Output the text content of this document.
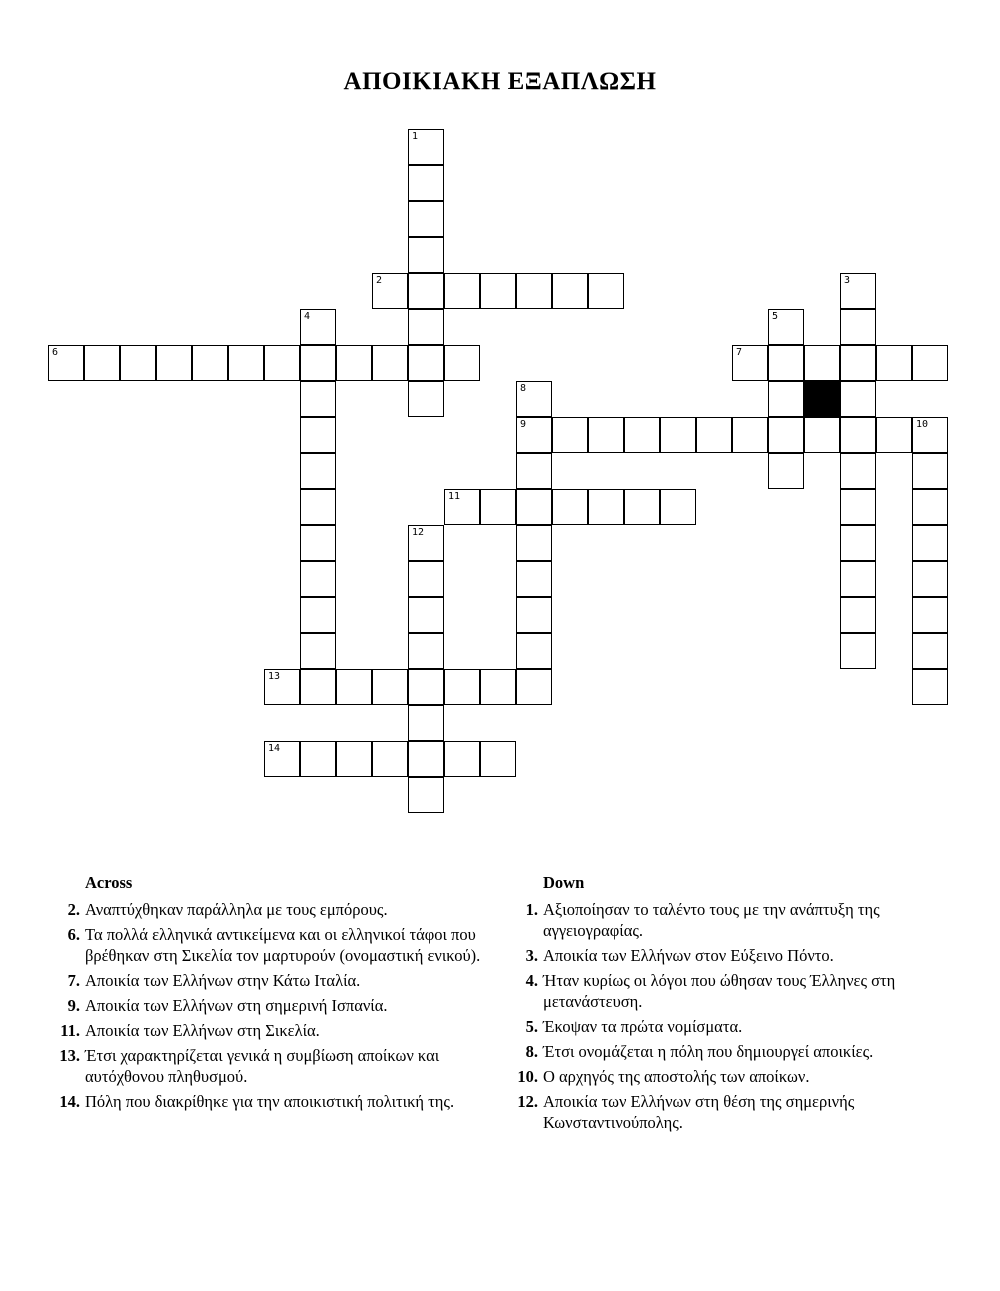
ΑΠΟΙΚΙΑΚΗ ΕΞΑΠΛΩΣΗ
1
2	3
4	5
6	7
8
9	10
11
12
13
14
Across
2. Αναπτύχθηκαν παράλληλα με τους εμπόρους.
6. Τα πολλά ελληνικά αντικείμενα και οι ελληνικοί τάφοι που βρέθηκαν στη Σικελία τον μαρτυρούν (ονομαστική ενικού).
7. Αποικία των Ελλήνων στην Κάτω Ιταλία.
9. Αποικία των Ελλήνων στη σημερινή Ισπανία.
11. Αποικία των Ελλήνων στη Σικελία.
13. Έτσι χαρακτηρίζεται γενικά η συμβίωση αποίκων και αυτόχθονου πληθυσμού.
14. Πόλη που διακρίθηκε για την αποικιστική πολιτική της.
Down
1. Αξιοποίησαν το ταλέντο τους με την ανάπτυξη της αγγειογραφίας.
3. Αποικία των Ελλήνων στον Εύξεινο Πόντο.
4. Ήταν κυρίως οι λόγοι που ώθησαν τους Έλληνες στη μετανάστευση.
5. Έκοψαν τα πρώτα νομίσματα.
8. Έτσι ονομάζεται η πόλη που δημιουργεί αποικίες.
10. Ο αρχηγός της αποστολής των αποίκων.
12. Αποικία των Ελλήνων στη θέση της σημερινής Κωνσταντινούπολης.
